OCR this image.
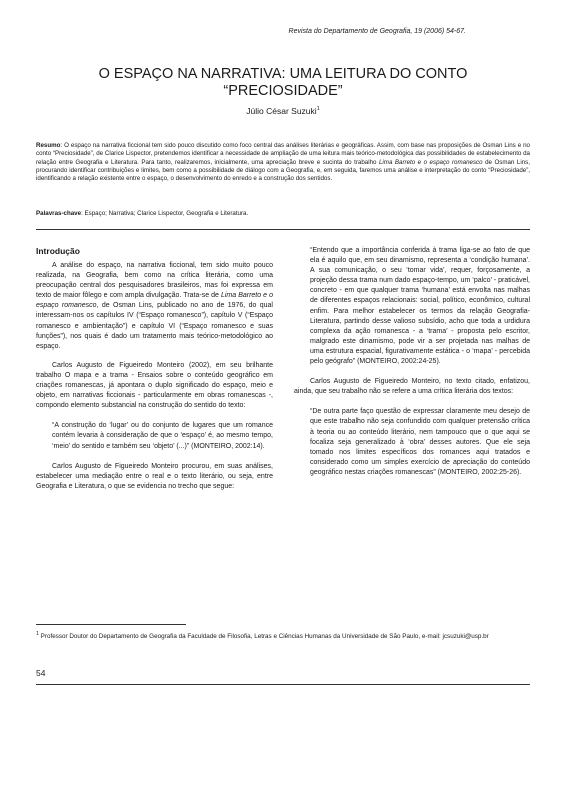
Revista do Departamento de Geografia, 19 (2006) 54-67.
O ESPAÇO NA NARRATIVA: UMA LEITURA DO CONTO
“PRECIOSIDADE”
Júlio César Suzuki$^1$

Resumo: O espaço na narrativa ficcional tem sido pouco discutido como foco central das análises literárias e geográficas. Assim, com base nas proposições de Osman Lins e no conto “Preciosidade”, de Clarice Lispector, pretendemos identificar a necessidade de ampliação de uma leitura mais teórico-metodológica das possibilidades de estabelecimento da relação entre Geografia e Literatura. Para tanto, realizaremos, inicialmente, uma apreciação breve e sucinta do trabalho Lima Barreto e o espaço romanesco de Osman Lins, procurando identificar contribuições e limites, bem como a possibilidade de diálogo com a Geografia, e, em seguida, faremos uma análise e interpretação do conto “Preciosidade”, identificando a relação existente entre o espaço, o desenvolvimento do enredo e a construção dos sentidos.

Palavras-chave: Espaço; Narrativa; Clarice Lispector, Geografia e Literatura.

Introdução

A análise do espaço, na narrativa ficcional, tem sido muito pouco realizada, na Geografia, bem como na crítica literária, como uma preocupação central dos pesquisadores brasileiros, mas foi expressa em texto de maior fôlego e com ampla divulgação. Trata-se de Lima Barreto e o espaço romanesco, de Osman Lins, publicado no ano de 1976, do qual interessam-nos os capítulos IV (“Espaço romanesco”), capítulo V (“Espaço romanesco e ambientação”) e capítulo VI (“Espaço romanesco e suas funções”), nos quais é dado um tratamento mais teórico-metodológico ao espaço.

Carlos Augusto de Figueiredo Monteiro (2002), em seu brilhante trabalho O mapa e a trama - Ensaios sobre o conteúdo geográfico em criações romanescas, já apontara o duplo significado do espaço, meio e objeto, em narrativas ficcionais - particularmente em obras romanescas -, compondo elemento substancial na construção do sentido do texto:

“A construção do ‘lugar’ ou do conjunto de lugares que um romance contém levaria à consideração de que o ‘espaço’ é, ao mesmo tempo, ‘meio’ do sentido e também seu ‘objeto’ (...)” (MONTEIRO, 2002:14).

Carlos Augusto de Figueiredo Monteiro procurou, em suas análises, estabelecer uma mediação entre o real e o texto literário, ou seja, entre Geografia e Literatura, o que se evidencia no trecho que segue:

“Entendo que a importância conferida à trama liga-se ao fato de que ela é aquilo que, em seu dinamismo, representa a ‘condição humana’. A sua comunicação, o seu ‘tomar vida’, requer, forçosamente, a projeção dessa trama num dado espaço-tempo, um ‘palco’ - praticável, concreto - em que qualquer trama ‘humana’ está envolta nas malhas de diferentes espaços relacionais: social, político, econômico, cultural enfim. Para melhor estabelecer os termos da relação Geografia-Literatura, partindo desse valioso subsídio, acho que toda a urdidura complexa da ação romanesca - a ‘trama’ - proposta pelo escritor, malgrado este dinamismo, pode vir a ser projetada nas malhas de uma estrutura espacial, figurativamente estática - o ‘mapa’ - percebida pelo geógrafo” (MONTEIRO, 2002:24-25).

Carlos Augusto de Figueiredo Monteiro, no texto citado, enfatizou, ainda, que seu trabalho não se refere a uma crítica literária dos textos:

“De outra parte faço questão de expressar claramente meu desejo de que este trabalho não seja confundido com qualquer pretensão crítica à teoria ou ao conteúdo literário, nem tampouco que o que aqui se focaliza seja generalizado à ‘obra’ desses autores. Que ele seja tomado nos limites específicos dos romances aqui tratados e considerado como um simples exercício de apreciação do conteúdo geográfico nestas criações romanescas” (MONTEIRO, 2002:25-26).

$^1$ Professor Doutor do Departamento de Geografia da Faculdade de Filosofia, Letras e Ciências Humanas da Universidade de São Paulo, e-mail: jcsuzuki@usp.br

54
